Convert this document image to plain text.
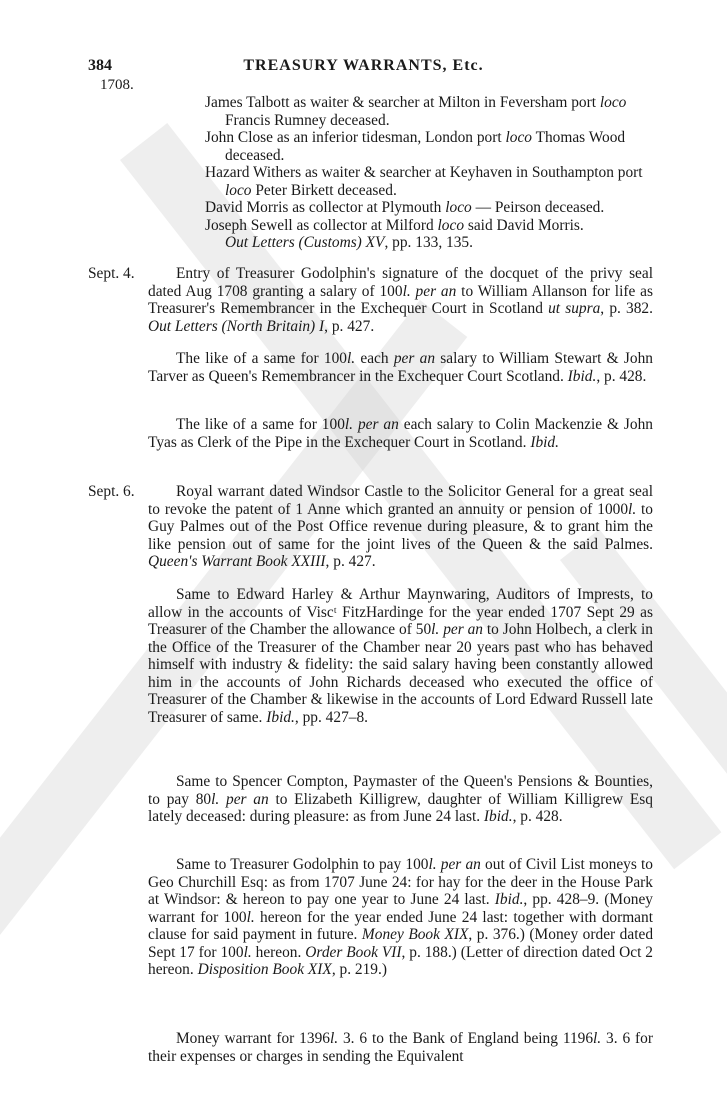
384	TREASURY WARRANTS, Etc.
1708.

James Talbott as waiter & searcher at Milton in Feversham port loco Francis Rumney deceased.

John Close as an inferior tidesman, London port loco Thomas Wood deceased.

Hazard Withers as waiter & searcher at Keyhaven in Southampton port loco Peter Birkett deceased.

David Morris as collector at Plymouth loco — Peirson deceased.

Joseph Sewell as collector at Milford loco said David Morris.

Out Letters (Customs) XV, pp. 133, 135.

Sept. 4.	Entry of Treasurer Godolphin's signature of the docquet of the privy seal dated Aug 1708 granting a salary of 100l. per an to William Allanson for life as Treasurer's Remembrancer in the Exchequer Court in Scotland ut supra, p. 382. Out Letters (North Britain) I, p. 427.
The like of a same for 100l. each per an salary to William Stewart & John Tarver as Queen's Remembrancer in the Exchequer Court Scotland. Ibid., p. 428.
The like of a same for 100l. per an each salary to Colin Mackenzie & John Tyas as Clerk of the Pipe in the Exchequer Court in Scotland. Ibid.
Sept. 6.	Royal warrant dated Windsor Castle to the Solicitor General for a great seal to revoke the patent of 1 Anne which granted an annuity or pension of 1000l. to Guy Palmes out of the Post Office revenue during pleasure, & to grant him the like pension out of same for the joint lives of the Queen & the said Palmes. Queen's Warrant Book XXIII, p. 427.
Same to Edward Harley & Arthur Maynwaring, Auditors of Imprests, to allow in the accounts of Viscᵗ FitzHardinge for the year ended 1707 Sept 29 as Treasurer of the Chamber the allowance of 50l. per an to John Holbech, a clerk in the Office of the Treasurer of the Chamber near 20 years past who has behaved himself with industry & fidelity: the said salary having been constantly allowed him in the accounts of John Richards deceased who executed the office of Treasurer of the Chamber & likewise in the accounts of Lord Edward Russell late Treasurer of same. Ibid., pp. 427–8.
Same to Spencer Compton, Paymaster of the Queen's Pensions & Bounties, to pay 80l. per an to Elizabeth Killigrew, daughter of William Killigrew Esq lately deceased: during pleasure: as from June 24 last. Ibid., p. 428.
Same to Treasurer Godolphin to pay 100l. per an out of Civil List moneys to Geo Churchill Esq: as from 1707 June 24: for hay for the deer in the House Park at Windsor: & hereon to pay one year to June 24 last. Ibid., pp. 428–9. (Money warrant for 100l. hereon for the year ended June 24 last: together with dormant clause for said payment in future. Money Book XIX, p. 376.) (Money order dated Sept 17 for 100l. hereon. Order Book VII, p. 188.) (Letter of direction dated Oct 2 hereon. Disposition Book XIX, p. 219.)
Money warrant for 1396l. 3. 6 to the Bank of England being 1196l. 3. 6 for their expenses or charges in sending the Equivalent
